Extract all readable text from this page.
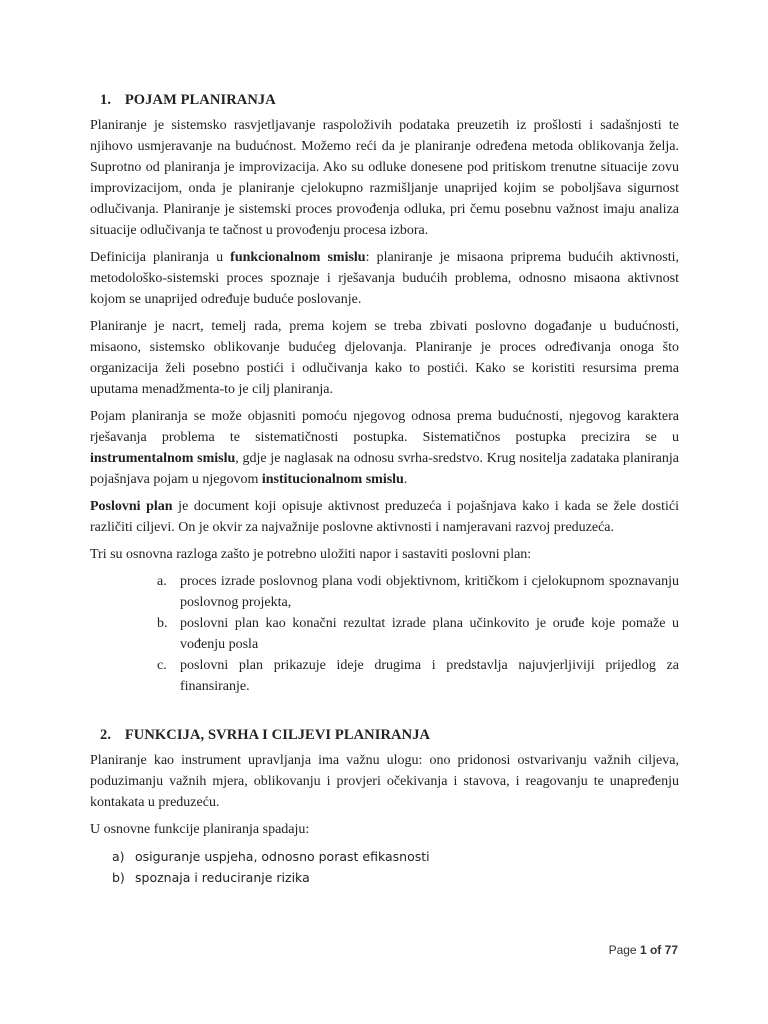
1. POJAM PLANIRANJA

Planiranje je sistemsko rasvjetljavanje raspoloživih podataka preuzetih iz prošlosti i sadašnjosti te njihovo usmjeravanje na budućnost. Možemo reći da je planiranje određena metoda oblikovanja želja. Suprotno od planiranja je improvizacija. Ako su odluke donesene pod pritiskom trenutne situacije zovu improvizacijom, onda je planiranje cjelokupno razmišljanje unaprijed kojim se poboljšava sigurnost odlučivanja. Planiranje je sistemski proces provođenja odluka, pri čemu posebnu važnost imaju analiza situacije odlučivanja te tačnost u provođenju procesa izbora.

Definicija planiranja u funkcionalnom smislu: planiranje je misaona priprema budućih aktivnosti, metodološko-sistemski proces spoznaje i rješavanja budućih problema, odnosno misaona aktivnost kojom se unaprijed određuje buduće poslovanje.

Planiranje je nacrt, temelj rada, prema kojem se treba zbivati poslovno događanje u budućnosti, misaono, sistemsko oblikovanje budućeg djelovanja. Planiranje je proces određivanja onoga što organizacija želi posebno postići i odlučivanja kako to postići. Kako se koristiti resursima prema uputama menadžmenta-to je cilj planiranja.

Pojam planiranja se može objasniti pomoću njegovog odnosa prema budućnosti, njegovog karaktera rješavanja problema te sistematičnosti postupka. Sistematičnos postupka precizira se u instrumentalnom smislu, gdje je naglasak na odnosu svrha-sredstvo. Krug nositelja zadataka planiranja pojašnjava pojam u njegovom institucionalnom smislu.

Poslovni plan je document koji opisuje aktivnost preduzeća i pojašnjava kako i kada se žele dostići različiti ciljevi. On je okvir za najvažnije poslovne aktivnosti i namjeravani razvoj preduzeća.

Tri su osnovna razloga zašto je potrebno uložiti napor i sastaviti poslovni plan:

a. proces izrade poslovnog plana vodi objektivnom, kritičkom i cjelokupnom spoznavanju poslovnog projekta,
b. poslovni plan kao konačni rezultat izrade plana učinkovito je oruđe koje pomaže u vođenju posla
c. poslovni plan prikazuje ideje drugima i predstavlja najuvjerljiviji prijedlog za finansiranje.
2. FUNKCIJA, SVRHA I CILJEVI PLANIRANJA

Planiranje kao instrument upravljanja ima važnu ulogu: ono pridonosi ostvarivanju važnih ciljeva, poduzimanju važnih mjera, oblikovanju i provjeri očekivanja i stavova, i reagovanju te unapređenju kontakata u preduzeću.

U osnovne funkcije planiranja spadaju:

a) osiguranje uspjeha, odnosno porast efikasnosti
b) spoznaja i reduciranje rizika
Page 1 of 77
